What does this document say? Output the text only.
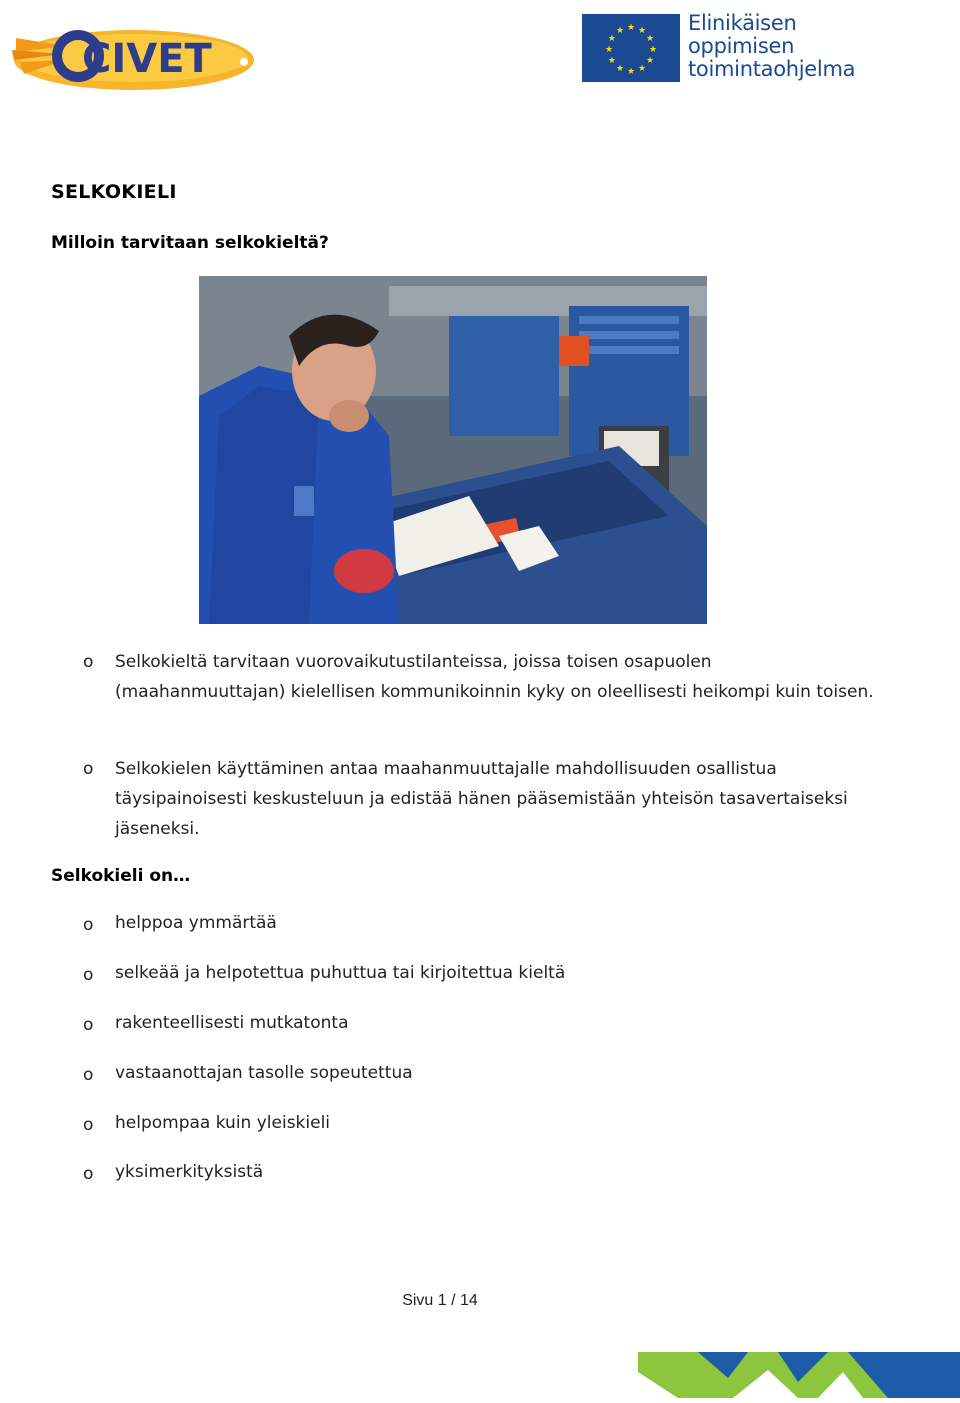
CIVET	★
★
★
★
★
★
★
★
★ ★ ★
★
Elinikäisen
oppimisen
toimintaohjelma
SELKOKIELI
Milloin tarvitaan selkokieltä?
o Selkokieltä tarvitaan vuorovaikutustilanteissa, joissa toisen osapuolen (maahanmuuttajan) kielellisen kommunikoinnin kyky on oleellisesti heikompi kuin toisen.
o Selkokielen käyttäminen antaa maahanmuuttajalle mahdollisuuden osallistua täysipainoisesti keskusteluun ja edistää hänen pääsemistään yhteisön tasavertaiseksi jäseneksi.
Selkokieli on…
o helppoa ymmärtää
o selkeää ja helpotettua puhuttua tai kirjoitettua kieltä
o rakenteellisesti mutkatonta
o vastaanottajan tasolle sopeutettua
o helpompaa kuin yleiskieli
o yksimerkityksistä
Sivu 1 / 14
